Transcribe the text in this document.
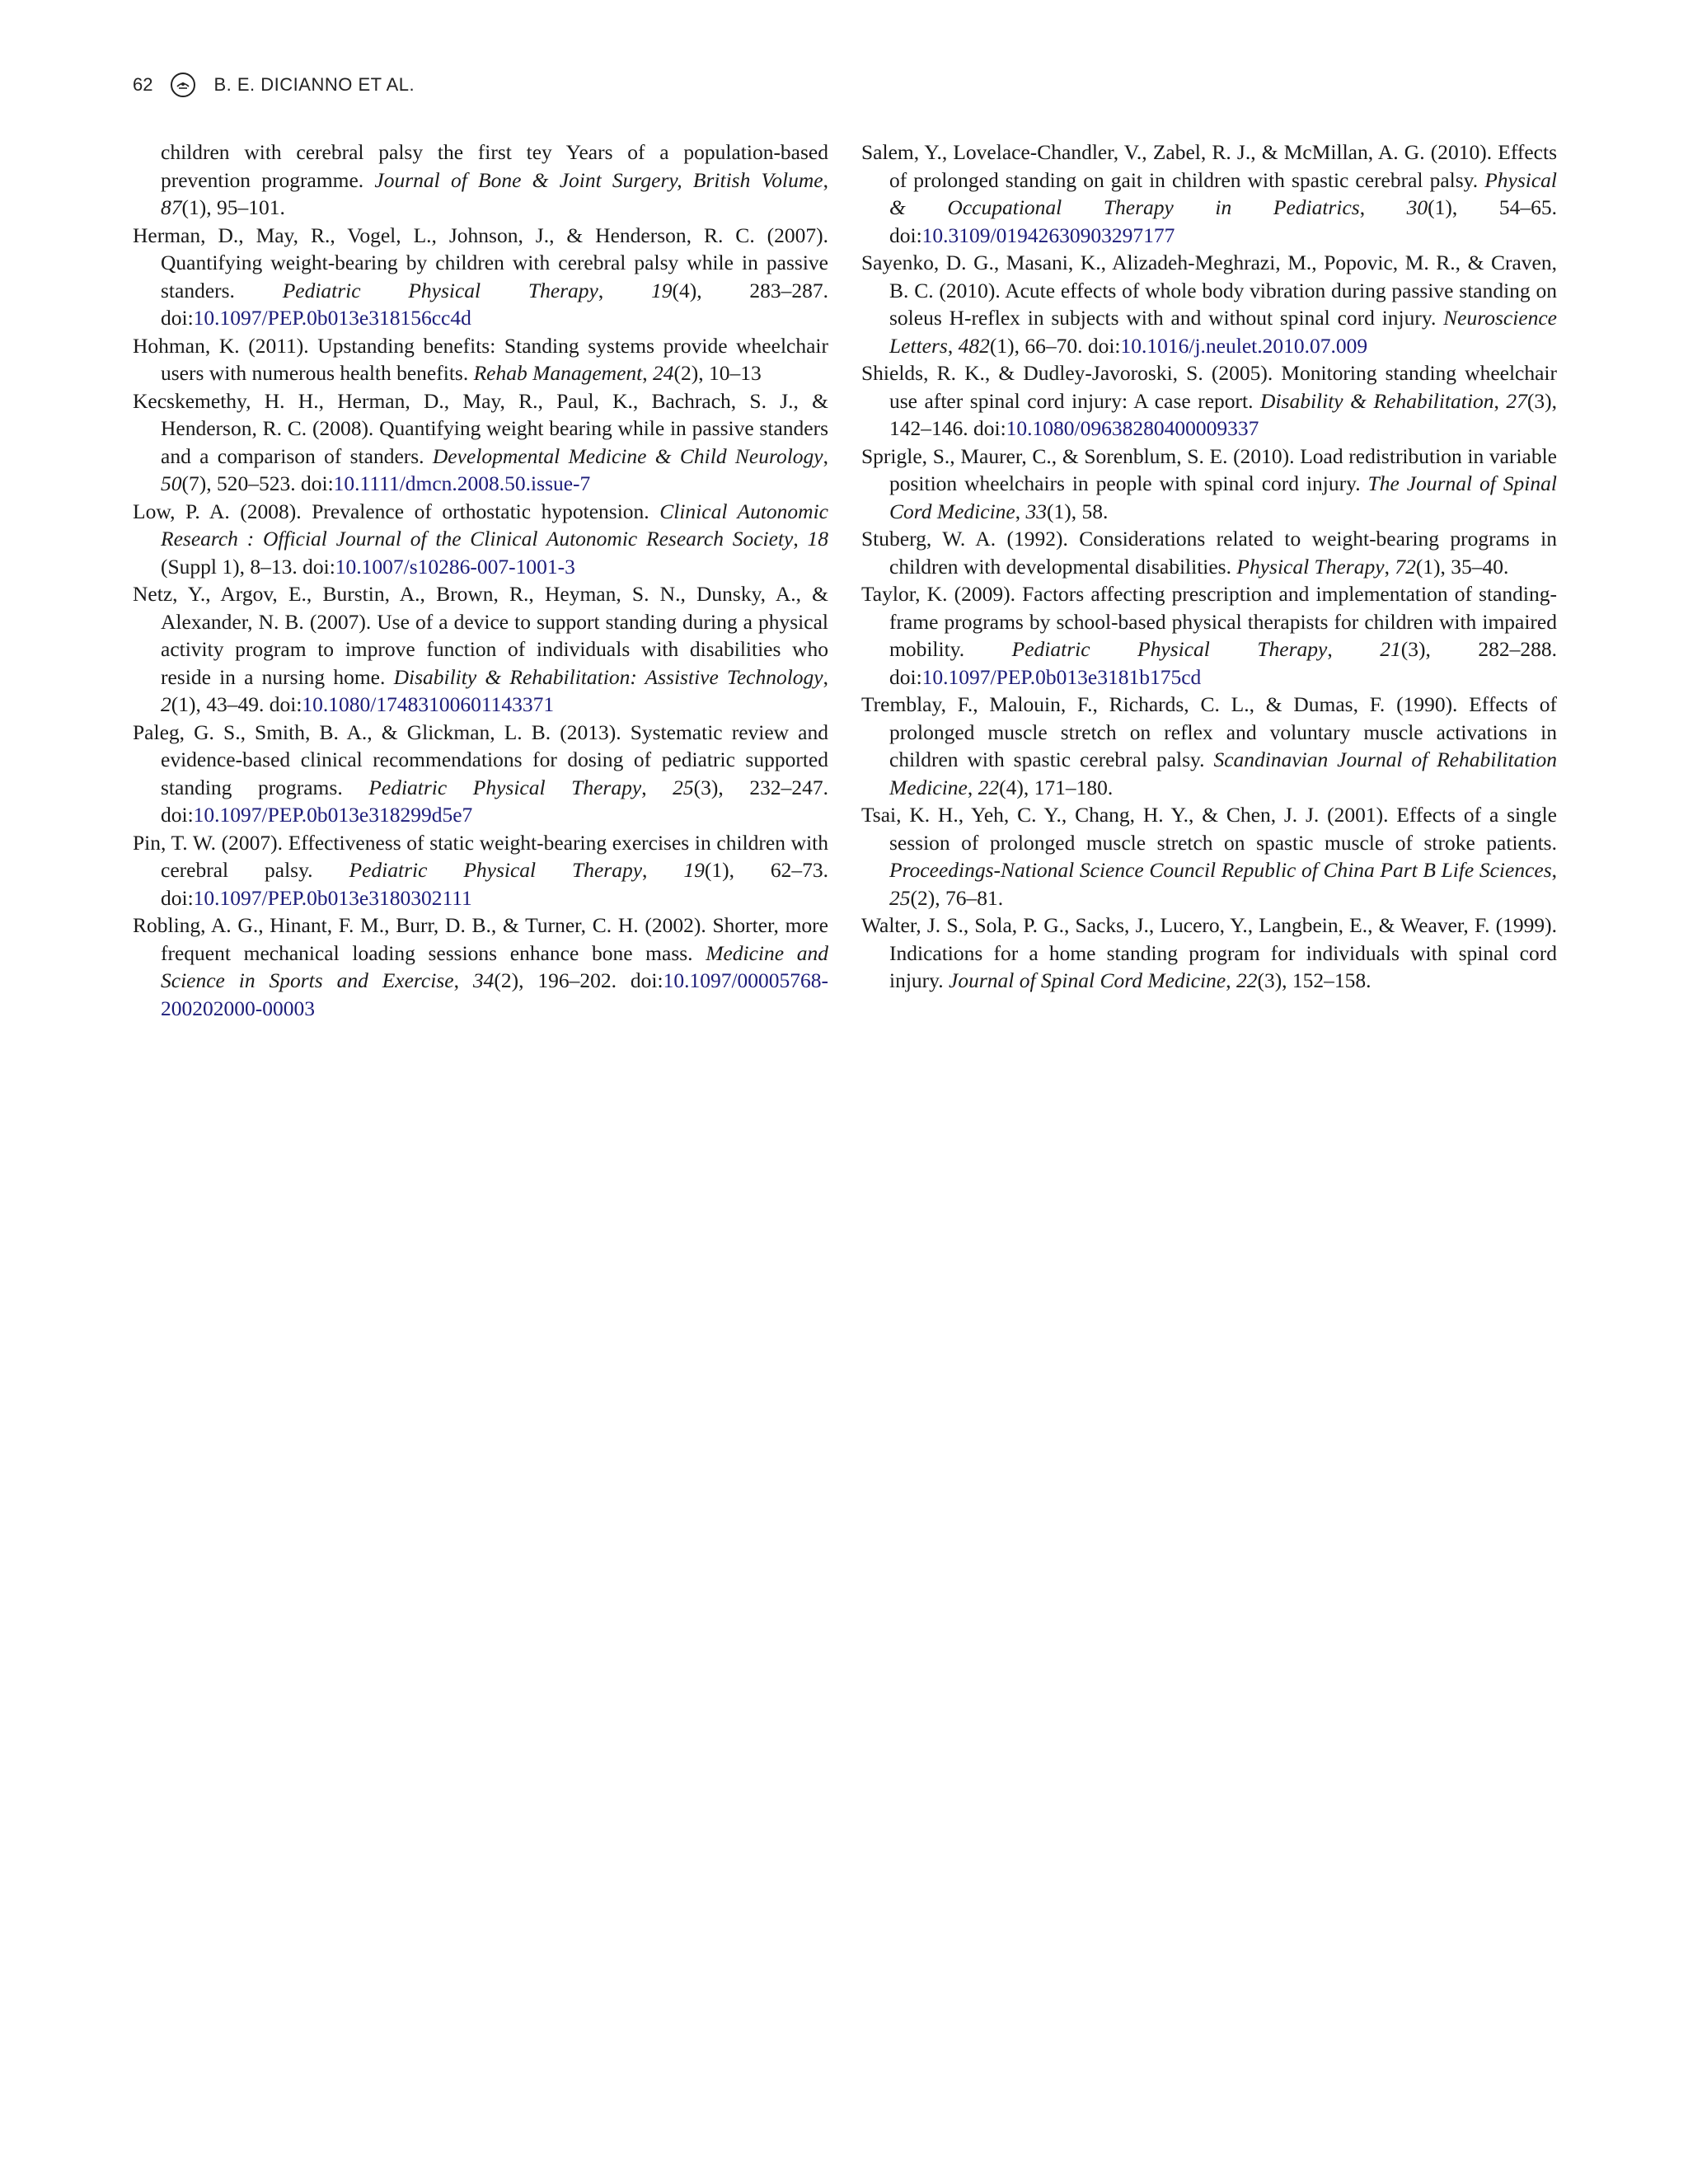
62	B. E. DICIANNO ET AL.

children with cerebral palsy the first tey Years of a population-based prevention programme. Journal of Bone & Joint Surgery, British Volume, 87(1), 95–101.

Herman, D., May, R., Vogel, L., Johnson, J., & Henderson, R. C. (2007). Quantifying weight-bearing by children with cerebral palsy while in passive standers. Pediatric Physical Therapy, 19(4), 283–287. doi:10.1097/PEP.0b013e318156cc4d

Hohman, K. (2011). Upstanding benefits: Standing systems provide wheelchair users with numerous health benefits. Rehab Management, 24(2), 10–13

Kecskemethy, H. H., Herman, D., May, R., Paul, K., Bachrach, S. J., & Henderson, R. C. (2008). Quantifying weight bearing while in passive standers and a comparison of standers. Developmental Medicine & Child Neurology, 50(7), 520–523. doi:10.1111/dmcn.2008.50.issue-7

Low, P. A. (2008). Prevalence of orthostatic hypotension. Clinical Autonomic Research : Official Journal of the Clinical Autonomic Research Society, 18 (Suppl 1), 8–13. doi:10.1007/s10286-007-1001-3

Netz, Y., Argov, E., Burstin, A., Brown, R., Heyman, S. N., Dunsky, A., & Alexander, N. B. (2007). Use of a device to support standing during a physical activity program to improve function of individuals with disabilities who reside in a nursing home. Disability & Rehabilitation: Assistive Technology, 2(1), 43–49. doi:10.1080/17483100601143371

Paleg, G. S., Smith, B. A., & Glickman, L. B. (2013). Systematic review and evidence-based clinical recommendations for dosing of pediatric supported standing programs. Pediatric Physical Therapy, 25(3), 232–247. doi:10.1097/PEP.0b013e318299d5e7

Pin, T. W. (2007). Effectiveness of static weight-bearing exercises in children with cerebral palsy. Pediatric Physical Therapy, 19(1), 62–73. doi:10.1097/PEP.0b013e3180302111

Robling, A. G., Hinant, F. M., Burr, D. B., & Turner, C. H. (2002). Shorter, more frequent mechanical loading sessions enhance bone mass. Medicine and Science in Sports and Exercise, 34(2), 196–202. doi:10.1097/00005768-200202000-00003

Salem, Y., Lovelace-Chandler, V., Zabel, R. J., & McMillan, A. G. (2010). Effects of prolonged standing on gait in children with spastic cerebral palsy. Physical & Occupational Therapy in Pediatrics, 30(1), 54–65. doi:10.3109/01942630903297177

Sayenko, D. G., Masani, K., Alizadeh-Meghrazi, M., Popovic, M. R., & Craven, B. C. (2010). Acute effects of whole body vibration during passive standing on soleus H-reflex in subjects with and without spinal cord injury. Neuroscience Letters, 482(1), 66–70. doi:10.1016/j.neulet.2010.07.009

Shields, R. K., & Dudley-Javoroski, S. (2005). Monitoring standing wheelchair use after spinal cord injury: A case report. Disability & Rehabilitation, 27(3), 142–146. doi:10.1080/09638280400009337

Sprigle, S., Maurer, C., & Sorenblum, S. E. (2010). Load redistribution in variable position wheelchairs in people with spinal cord injury. The Journal of Spinal Cord Medicine, 33(1), 58.

Stuberg, W. A. (1992). Considerations related to weight-bearing programs in children with developmental disabilities. Physical Therapy, 72(1), 35–40.

Taylor, K. (2009). Factors affecting prescription and implementation of standing-frame programs by school-based physical therapists for children with impaired mobility. Pediatric Physical Therapy, 21(3), 282–288. doi:10.1097/PEP.0b013e3181b175cd

Tremblay, F., Malouin, F., Richards, C. L., & Dumas, F. (1990). Effects of prolonged muscle stretch on reflex and voluntary muscle activations in children with spastic cerebral palsy. Scandinavian Journal of Rehabilitation Medicine, 22(4), 171–180.

Tsai, K. H., Yeh, C. Y., Chang, H. Y., & Chen, J. J. (2001). Effects of a single session of prolonged muscle stretch on spastic muscle of stroke patients. Proceedings-National Science Council Republic of China Part B Life Sciences, 25(2), 76–81.

Walter, J. S., Sola, P. G., Sacks, J., Lucero, Y., Langbein, E., & Weaver, F. (1999). Indications for a home standing program for individuals with spinal cord injury. Journal of Spinal Cord Medicine, 22(3), 152–158.
